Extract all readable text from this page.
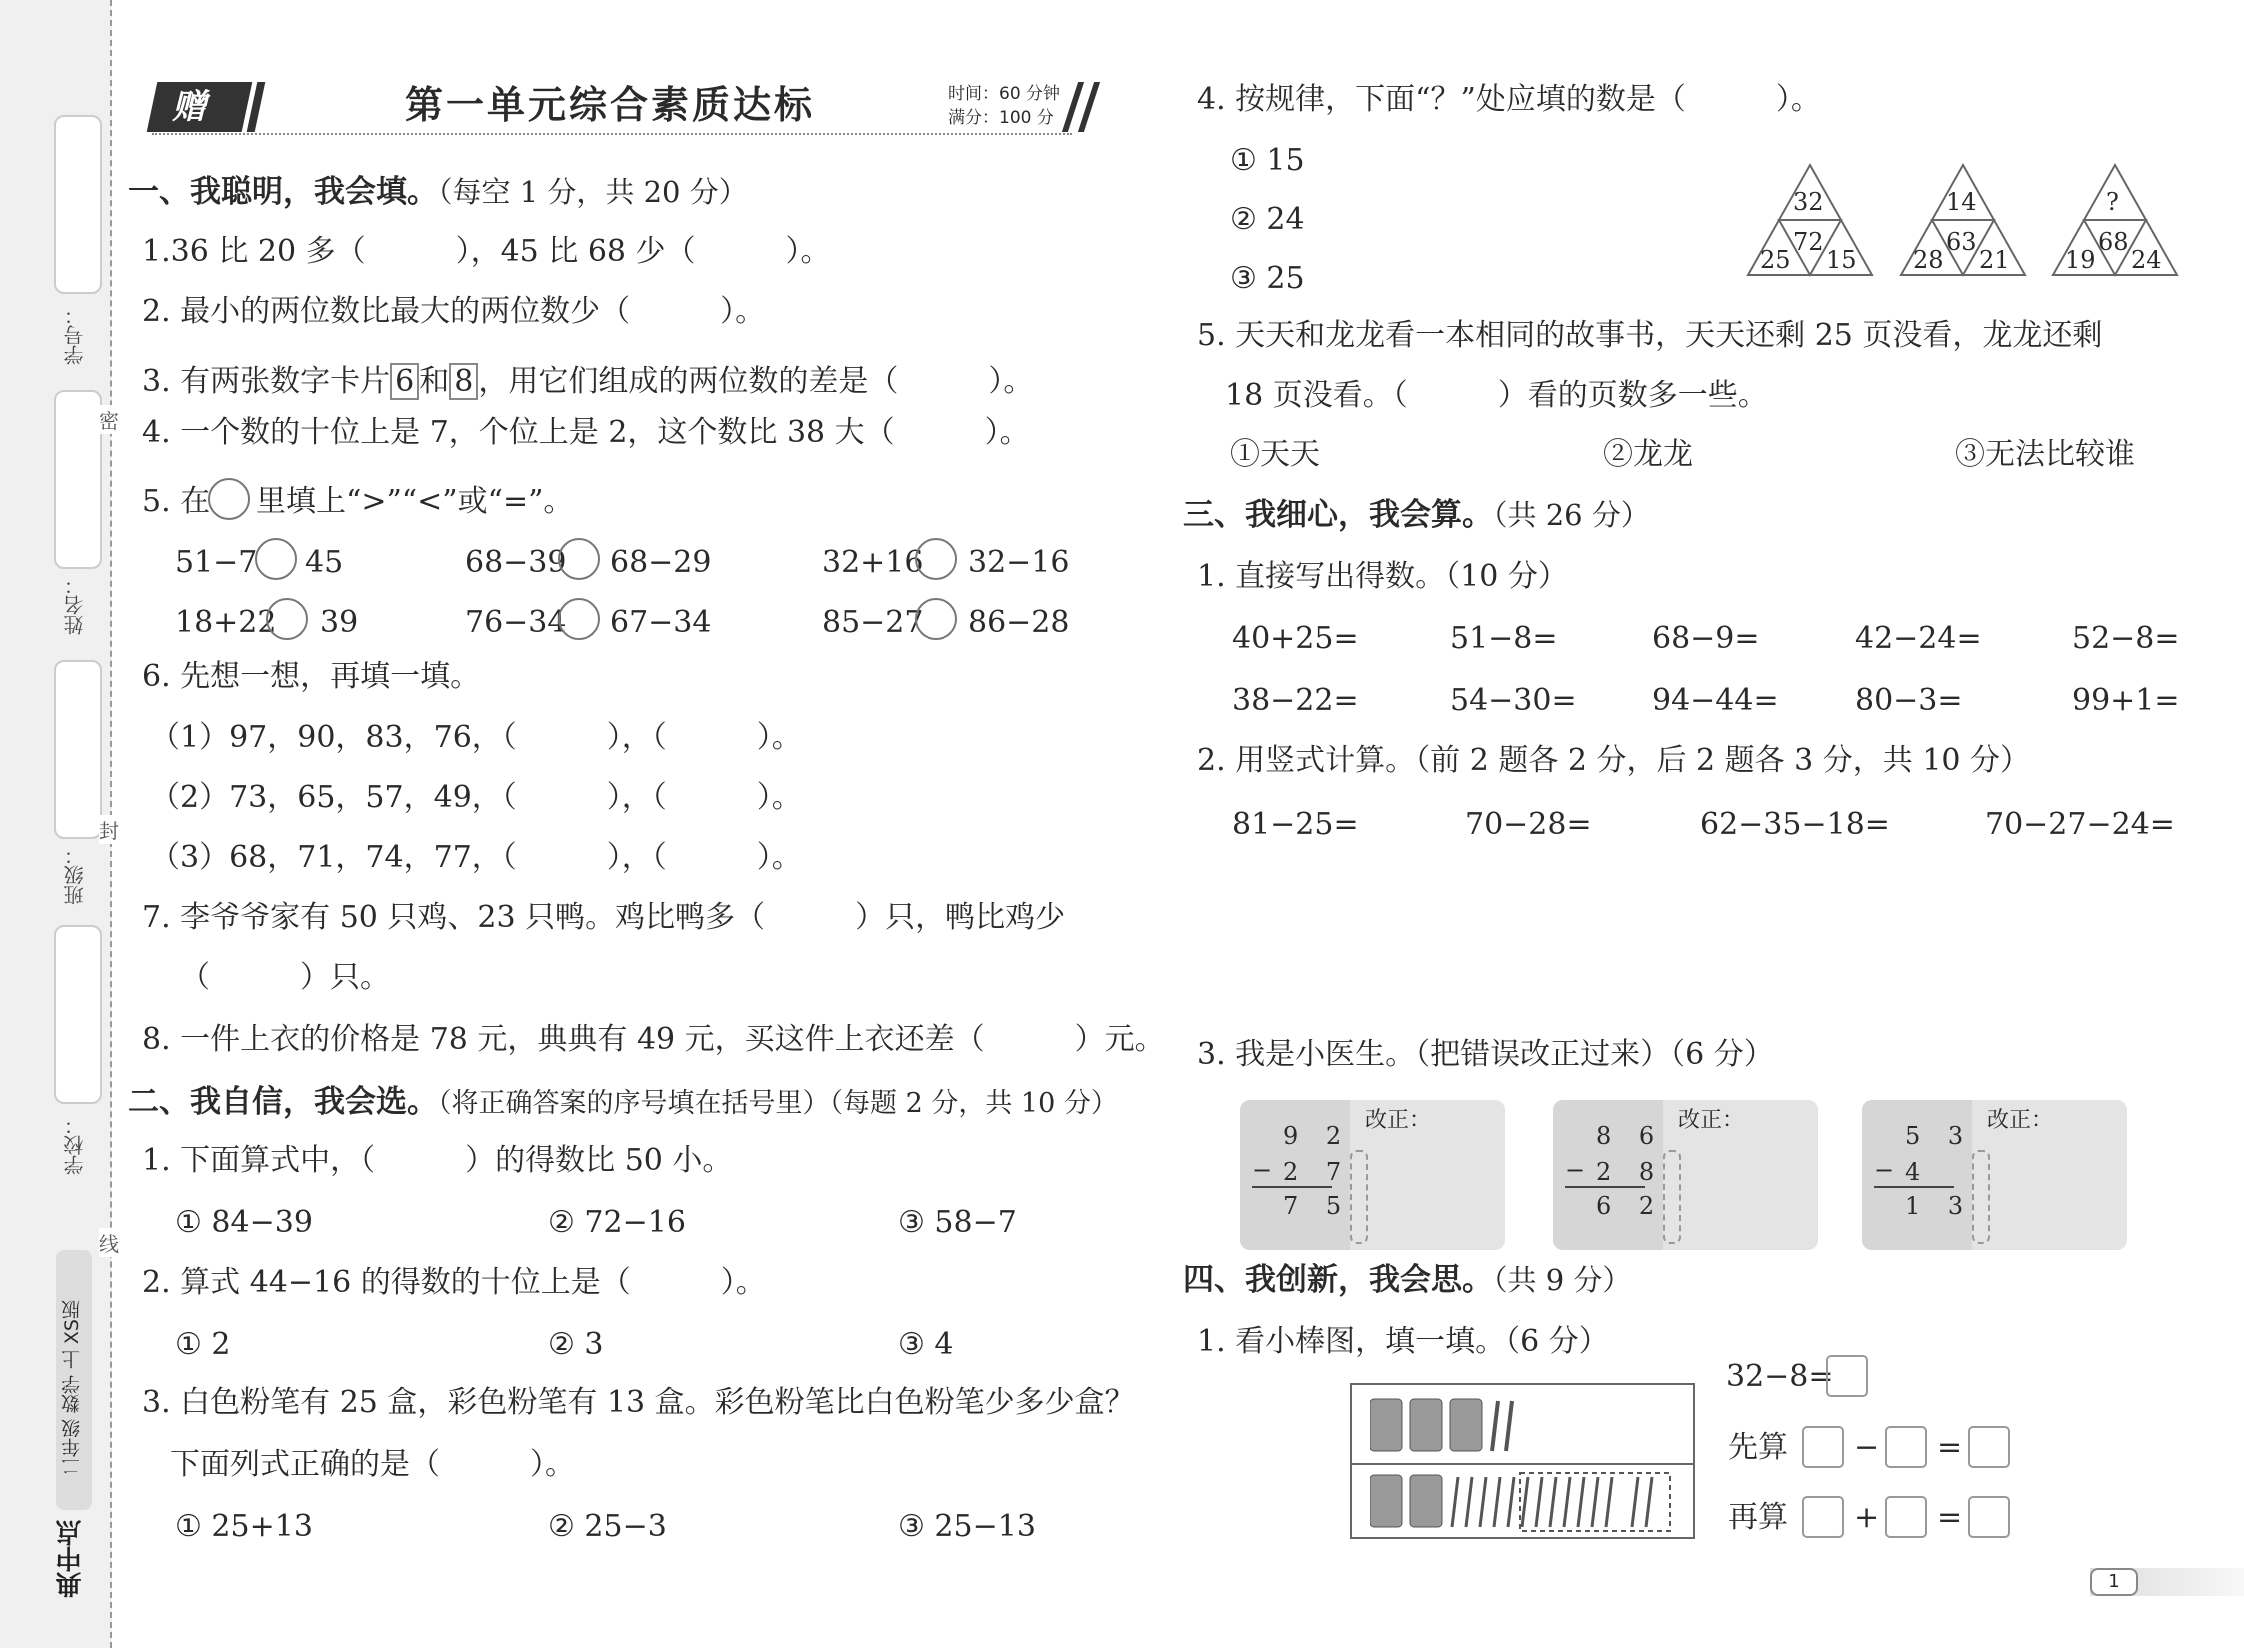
学号：
姓名：
班级：
学校：
密
封
线
二年级 数学 上 XS版
典中点
赠	第一单元综合素质达标	时间：60 分钟
满分：100 分
一、我聪明，我会填。（每空 1 分，共 20 分）
1.36 比 20 多（　　　），45 比 68 少（　　　）。
2. 最小的两位数比最大的两位数少（　　　）。
3. 有两张数字卡片 6 和 8 ，用它们组成的两位数的差是（　　　）。
4. 一个数的十位上是 7，个位上是 2，这个数比 38 大（　　　）。
5. 在 里填上“>”“<”或“=”。
51−7 45	68−39 68−29	32+16 32−16
18+22 39	76−34 67−34	85−27 86−28
6. 先想一想，再填一填。
（1）97，90，83，76，（　　　），（　　　）。
（2）73，65，57，49，（　　　），（　　　）。
（3）68，71，74，77，（　　　），（　　　）。
7. 李爷爷家有 50 只鸡、23 只鸭。鸡比鸭多（　　　）只，鸭比鸡少
（　　　）只。
8. 一件上衣的价格是 78 元，典典有 49 元，买这件上衣还差（　　　）元。
二、我自信，我会选。（将正确答案的序号填在括号里）（每题 2 分，共 10 分）
1. 下面算式中，（　　　）的得数比 50 小。
① 84−39	② 72−16	③ 58−7
2. 算式 44−16 的得数的十位上是（　　　）。
① 2	② 3	③ 4
3. 白色粉笔有 25 盒，彩色粉笔有 13 盒。彩色粉笔比白色粉笔少多少盒？
下面列式正确的是（　　　）。
① 25+13	② 25−3	③ 25−13
4. 按规律，下面“？”处应填的数是（　　　）。
① 15
② 24
③ 25
32
72
25 15
14
63
28 21
?
68
19 24
5. 天天和龙龙看一本相同的故事书，天天还剩 25 页没看，龙龙还剩
18 页没看。（　　　）看的页数多一些。
①天天	②龙龙	③无法比较谁
三、我细心，我会算。（共 26 分）
1. 直接写出得数。（10 分）
40+25=	51−8=	68−9=	42−24=	52−8=
38−22=	54−30=	94−44=	80−3=	99+1=
2. 用竖式计算。（前 2 题各 2 分，后 2 题各 3 分，共 10 分）
81−25=	70−28=	62−35−18=	70−27−24=
3. 我是小医生。（把错误改正过来）（6 分）
9 2
− 2 7
7 5
改正：
8 6
− 2 8
6 2
改正：
5 3
− 4
1 3
改正：
四、我创新，我会思。（共 9 分）
1. 看小棒图，填一填。（6 分）
32−8=
先算 − =
再算 + =
1
